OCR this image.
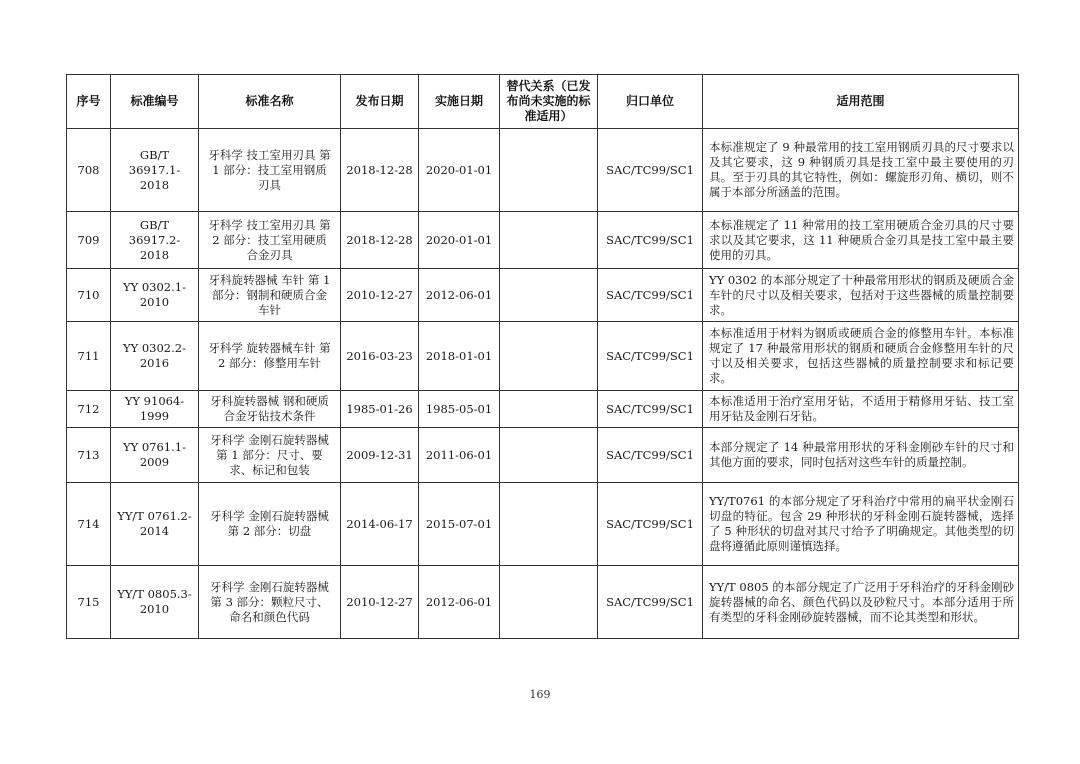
序号	标准编号	标准名称	发布日期	实施日期	替代关系（已发布尚未实施的标准适用）	归口单位	适用范围
708	GB/T 36917.1-2018	牙科学 技工室用刃具 第 1 部分：技工室用钢质刃具	2018-12-28	2020-01-01		SAC/TC99/SC1	本标准规定了 9 种最常用的技工室用钢质刃具的尺寸要求以及其它要求，这 9 种钢质刃具是技工室中最主要使用的刃具。至于刃具的其它特性，例如：螺旋形刃角、横切，则不属于本部分所涵盖的范围。
709	GB/T 36917.2-2018	牙科学 技工室用刃具 第 2 部分：技工室用硬质合金刃具	2018-12-28	2020-01-01		SAC/TC99/SC1	本标准规定了 11 种常用的技工室用硬质合金刃具的尺寸要求以及其它要求，这 11 种硬质合金刃具是技工室中最主要使用的刃具。
710	YY 0302.1-2010	牙科旋转器械 车针 第 1 部分：钢制和硬质合金车针	2010-12-27	2012-06-01		SAC/TC99/SC1	YY 0302 的本部分规定了十种最常用形状的钢质及硬质合金车针的尺寸以及相关要求，包括对于这些器械的质量控制要求。
711	YY 0302.2-2016	牙科学 旋转器械车针 第 2 部分：修整用车针	2016-03-23	2018-01-01		SAC/TC99/SC1	本标准适用于材料为钢质或硬质合金的修整用车针。本标准规定了 17 种最常用形状的钢质和硬质合金修整用车针的尺寸以及相关要求，包括这些器械的质量控制要求和标记要求。
712	YY 91064-1999	牙科旋转器械 钢和硬质合金牙钻技术条件	1985-01-26	1985-05-01		SAC/TC99/SC1	本标准适用于治疗室用牙钻，不适用于精修用牙钻、技工室用牙钻及金刚石牙钻。
713	YY 0761.1-2009	牙科学 金刚石旋转器械 第 1 部分：尺寸、要求、标记和包装	2009-12-31	2011-06-01		SAC/TC99/SC1	本部分规定了 14 种最常用形状的牙科金刚砂车针的尺寸和其他方面的要求，同时包括对这些车针的质量控制。
714	YY/T 0761.2-2014	牙科学 金刚石旋转器械 第 2 部分：切盘	2014-06-17	2015-07-01		SAC/TC99/SC1	YY/T0761 的本部分规定了牙科治疗中常用的扁平状金刚石切盘的特征。包含 29 种形状的牙科金刚石旋转器械，选择了 5 种形状的切盘对其尺寸给予了明确规定。其他类型的切盘将遵循此原则谨慎选择。
715	YY/T 0805.3-2010	牙科学 金刚石旋转器械 第 3 部分：颗粒尺寸、命名和颜色代码	2010-12-27	2012-06-01		SAC/TC99/SC1	YY/T 0805 的本部分规定了广泛用于牙科治疗的牙科金刚砂旋转器械的命名、颜色代码以及砂粒尺寸。本部分适用于所有类型的牙科金刚砂旋转器械，而不论其类型和形状。
169
